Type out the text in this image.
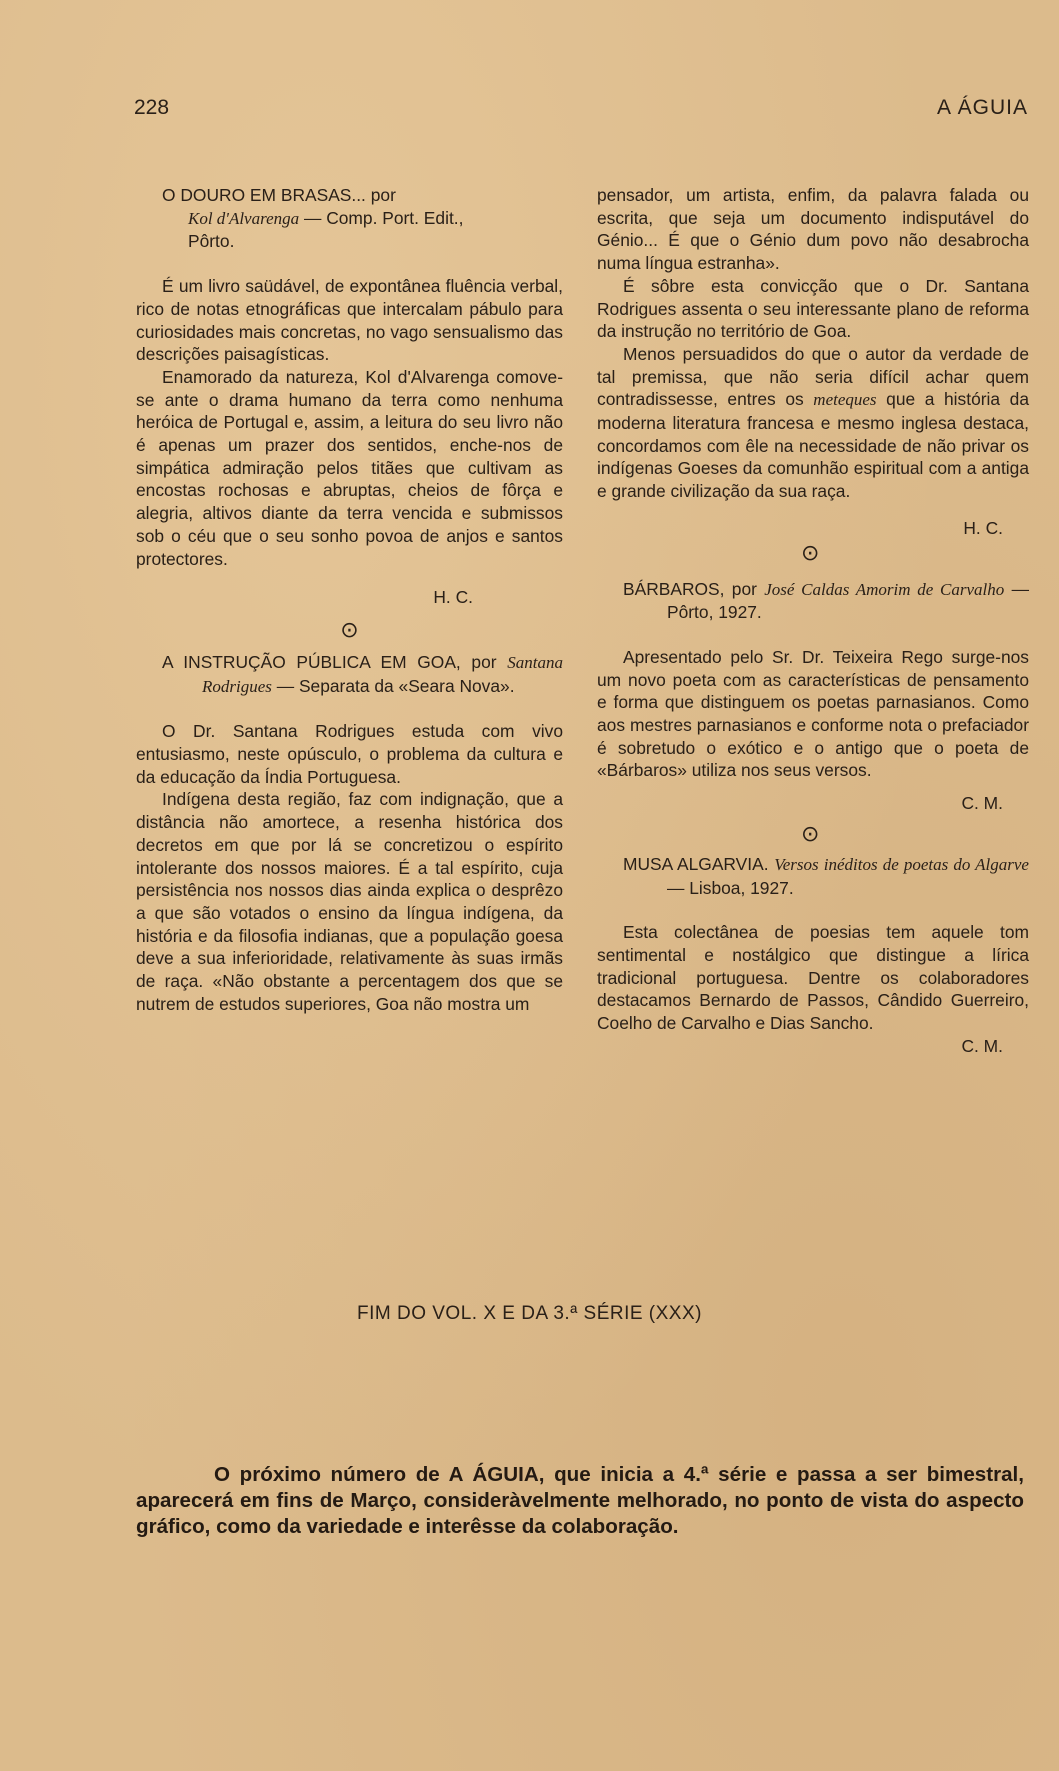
228	A ÁGUIA

O DOURO EM BRASAS... por
Kol d'Alvarenga — Comp. Port. Edit.,
Pôrto.

É um livro saüdável, de expontânea fluência verbal, rico de notas etnográficas que intercalam pábulo para curiosidades mais concretas, no vago sensualismo das descrições paisagísticas.

Enamorado da natureza, Kol d'Alvarenga comove-se ante o drama humano da terra como nenhuma heróica de Portugal e, assim, a leitura do seu livro não é apenas um prazer dos sentidos, enche-nos de simpática admiração pelos titães que cultivam as encostas rochosas e abruptas, cheios de fôrça e alegria, altivos diante da terra vencida e submissos sob o céu que o seu sonho povoa de anjos e santos protectores.

H. C.

⊙

A INSTRUÇÃO PÚBLICA EM GOA, por Santana Rodrigues — Separata da «Seara Nova».

O Dr. Santana Rodrigues estuda com vivo entusiasmo, neste opúsculo, o problema da cultura e da educação da Índia Portuguesa.

Indígena desta região, faz com indignação, que a distância não amortece, a resenha histórica dos decretos em que por lá se concretizou o espírito intolerante dos nossos maiores. É a tal espírito, cuja persistência nos nossos dias ainda explica o desprêzo a que são votados o ensino da língua indígena, da história e da filosofia indianas, que a população goesa deve a sua inferioridade, relativamente às suas irmãs de raça. «Não obstante a percentagem dos que se nutrem de estudos superiores, Goa não mostra um

pensador, um artista, enfim, da palavra falada ou escrita, que seja um documento indisputável do Génio... É que o Génio dum povo não desabrocha numa língua estranha».

É sôbre esta convicção que o Dr. Santana Rodrigues assenta o seu interessante plano de reforma da instrução no território de Goa.

Menos persuadidos do que o autor da verdade de tal premissa, que não seria difícil achar quem contradissesse, entres os meteques que a história da moderna literatura francesa e mesmo inglesa destaca, concordamos com êle na necessidade de não privar os indígenas Goeses da comunhão espiritual com a antiga e grande civilização da sua raça.

H. C.

⊙

BÁRBAROS, por José Caldas Amorim de Carvalho — Pôrto, 1927.

Apresentado pelo Sr. Dr. Teixeira Rego surge-nos um novo poeta com as características de pensamento e forma que distinguem os poetas parnasianos. Como aos mestres parnasianos e conforme nota o prefaciador é sobretudo o exótico e o antigo que o poeta de «Bárbaros» utiliza nos seus versos.

C. M.

⊙

MUSA ALGARVIA. Versos inéditos de poetas do Algarve — Lisboa, 1927.

Esta colectânea de poesias tem aquele tom sentimental e nostálgico que distingue a lírica tradicional portuguesa. Dentre os colaboradores destacamos Bernardo de Passos, Cândido Guerreiro, Coelho de Carvalho e Dias Sancho.

C. M.

FIM DO VOL. X E DA 3.ª SÉRIE (XXX)

O próximo número de A ÁGUIA, que inicia a 4.ª série e passa a ser bimestral, aparecerá em fins de Março, consideràvelmente melhorado, no ponto de vista do aspecto gráfico, como da variedade e interêsse da colaboração.
